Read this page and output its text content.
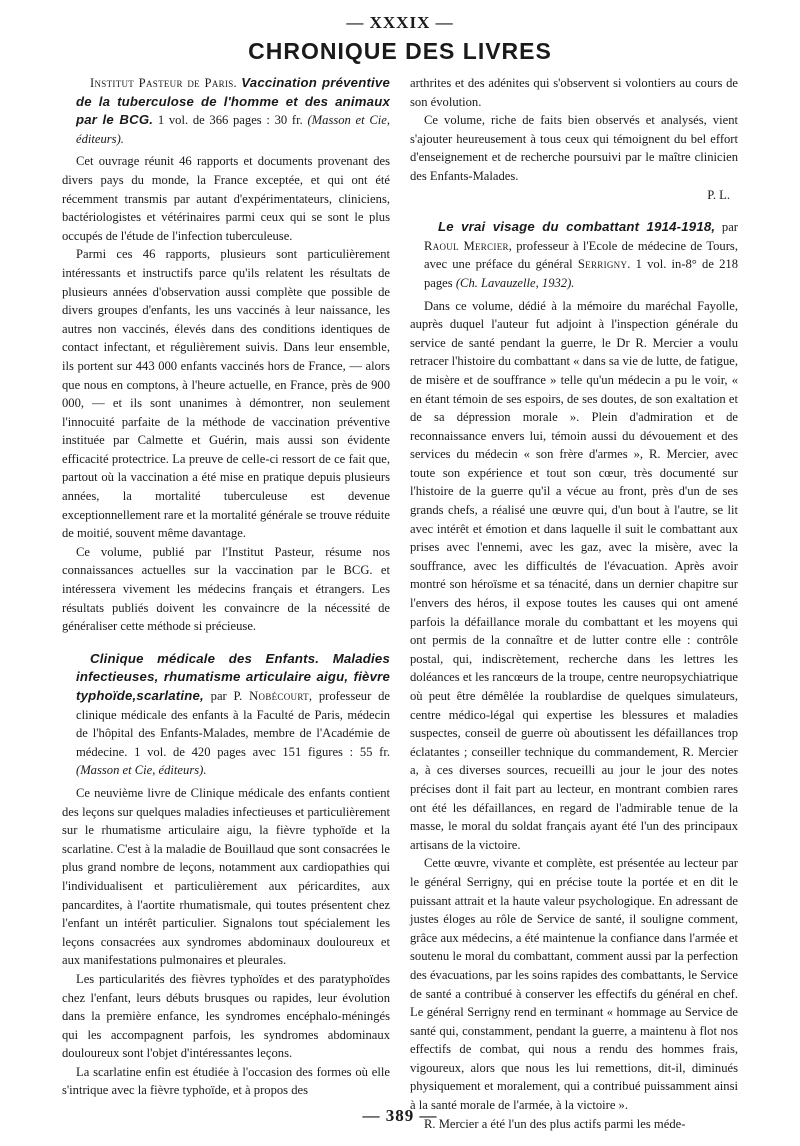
— XXXIX —
CHRONIQUE DES LIVRES

Institut Pasteur de Paris. Vaccination préventive de la tuberculose de l'homme et des animaux par le BCG. 1 vol. de 366 pages : 30 fr. (Masson et Cie, éditeurs).

Cet ouvrage réunit 46 rapports et documents provenant des divers pays du monde, la France exceptée, et qui ont été récemment transmis par autant d'expérimentateurs, cliniciens, bactériologistes et vétérinaires parmi ceux qui se sont le plus occupés de l'étude de l'infection tuberculeuse.

Parmi ces 46 rapports, plusieurs sont particulièrement intéressants et instructifs parce qu'ils relatent les résultats de plusieurs années d'observation aussi complète que possible de divers groupes d'enfants, les uns vaccinés à leur naissance, les autres non vaccinés, élevés dans des conditions identiques de contact infectant, et régulièrement suivis. Dans leur ensemble, ils portent sur 443 000 enfants vaccinés hors de France, — alors que nous en comptons, à l'heure actuelle, en France, près de 900 000, — et ils sont unanimes à démontrer, non seulement l'innocuité parfaite de la méthode de vaccination préventive instituée par Calmette et Guérin, mais aussi son évidente efficacité protectrice. La preuve de celle-ci ressort de ce fait que, partout où la vaccination a été mise en pratique depuis plusieurs années, la mortalité tuberculeuse est devenue exceptionnellement rare et la mortalité générale se trouve réduite de moitié, souvent même davantage.

Ce volume, publié par l'Institut Pasteur, résume nos connaissances actuelles sur la vaccination par le BCG. et intéressera vivement les médecins français et étrangers. Les résultats publiés doivent les convaincre de la nécessité de généraliser cette méthode si précieuse.

Clinique médicale des Enfants. Maladies infectieuses, rhumatisme articulaire aigu, fièvre typhoïde,scarlatine, par P. Nobécourt, professeur de clinique médicale des enfants à la Faculté de Paris, médecin de l'hôpital des Enfants-Malades, membre de l'Académie de médecine. 1 vol. de 420 pages avec 151 figures : 55 fr. (Masson et Cie, éditeurs).

Ce neuvième livre de Clinique médicale des enfants contient des leçons sur quelques maladies infectieuses et particulièrement sur le rhumatisme articulaire aigu, la fièvre typhoïde et la scarlatine. C'est à la maladie de Bouillaud que sont consacrées le plus grand nombre de leçons, notamment aux cardiopathies qui l'individualisent et particulièrement aux péricardites, aux pancardites, à l'aortite rhumatismale, qui toutes présentent chez l'enfant un intérêt particulier. Signalons tout spécialement les leçons consacrées aux syndromes abdominaux douloureux et aux manifestations pulmonaires et pleurales.

Les particularités des fièvres typhoïdes et des paratyphoïdes chez l'enfant, leurs débuts brusques ou rapides, leur évolution dans la première enfance, les syndromes encéphalo-méningés qui les accompagnent parfois, les syndromes abdominaux douloureux sont l'objet d'intéressantes leçons.

La scarlatine enfin est étudiée à l'occasion des formes où elle s'intrique avec la fièvre typhoïde, et à propos des

arthrites et des adénites qui s'observent si volontiers au cours de son évolution.

Ce volume, riche de faits bien observés et analysés, vient s'ajouter heureusement à tous ceux qui témoignent du bel effort d'enseignement et de recherche poursuivi par le maître clinicien des Enfants-Malades.

P. L.

Le vrai visage du combattant 1914-1918, par Raoul Mercier, professeur à l'Ecole de médecine de Tours, avec une préface du général Serrigny. 1 vol. in-8° de 218 pages (Ch. Lavauzelle, 1932).

Dans ce volume, dédié à la mémoire du maréchal Fayolle, auprès duquel l'auteur fut adjoint à l'inspection générale du service de santé pendant la guerre, le Dr R. Mercier a voulu retracer l'histoire du combattant « dans sa vie de lutte, de fatigue, de misère et de souffrance » telle qu'un médecin a pu le voir, « en étant témoin de ses espoirs, de ses doutes, de son exaltation et de sa dépression morale ». Plein d'admiration et de reconnaissance envers lui, témoin aussi du dévouement et des services du médecin « son frère d'armes », R. Mercier, avec toute son expérience et tout son cœur, très documenté sur l'histoire de la guerre qu'il a vécue au front, près d'un de ses grands chefs, a réalisé une œuvre qui, d'un bout à l'autre, se lit avec intérêt et émotion et dans laquelle il suit le combattant aux prises avec l'ennemi, avec les gaz, avec la misère, avec la souffrance, avec les difficultés de l'évacuation. Après avoir montré son héroïsme et sa ténacité, dans un dernier chapitre sur l'envers des héros, il expose toutes les causes qui ont amené parfois la défaillance morale du combattant et les moyens qui ont permis de la connaître et de lutter contre elle : contrôle postal, qui, indiscrètement, recherche dans les lettres les doléances et les rancœurs de la troupe, centre neuropsychiatrique où peut être démêlée la roublardise de quelques simulateurs, centre médico-légal qui expertise les blessures et maladies suspectes, conseil de guerre où aboutissent les défaillances trop éclatantes ; conseiller technique du commandement, R. Mercier a, à ces diverses sources, recueilli au jour le jour des notes précises dont il fait part au lecteur, en montrant combien rares ont été les défaillances, en regard de l'admirable tenue de la masse, le moral du soldat français ayant été l'un des principaux artisans de la victoire.

Cette œuvre, vivante et complète, est présentée au lecteur par le général Serrigny, qui en précise toute la portée et en dit le puissant attrait et la haute valeur psychologique. En adressant de justes éloges au rôle de Service de santé, il souligne comment, grâce aux médecins, a été maintenue la confiance dans l'armée et soutenu le moral du combattant, comment aussi par la perfection des évacuations, par les soins rapides des combattants, le Service de santé a contribué à conserver les effectifs du général en chef. Le général Serrigny rend en terminant « hommage au Service de santé qui, constamment, pendant la guerre, a maintenu à flot nos effectifs de combat, qui nous a rendu des hommes frais, vigoureux, alors que nous les lui remettions, dit-il, diminués physiquement et moralement, qui a contribué puissamment ainsi à la santé morale de l'armée, à la victoire ».

R. Mercier a été l'un des plus actifs parmi les méde-

— 389 —
